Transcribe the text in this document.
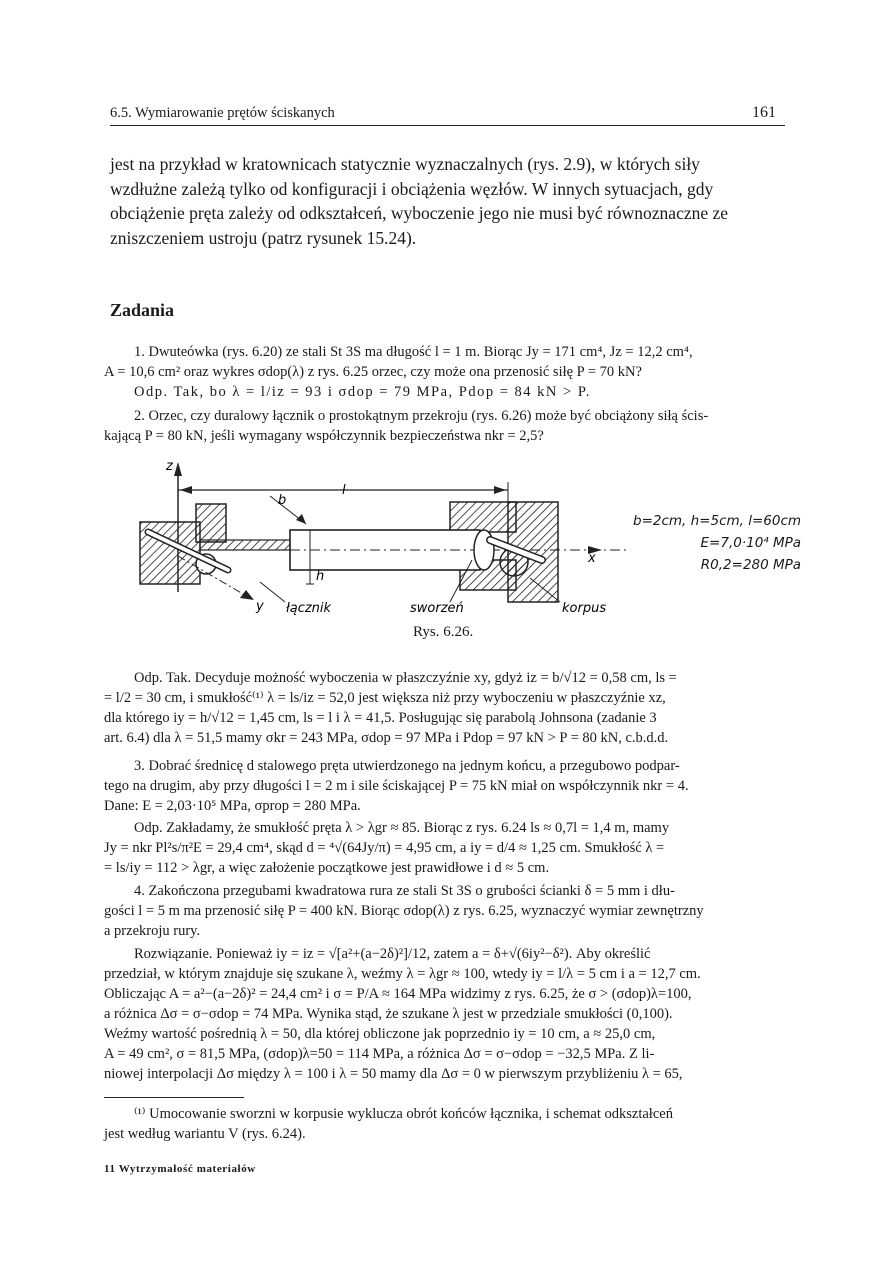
6.5. Wymiarowanie prętów ściskanych	161
jest na przykład w kratownicach statycznie wyznaczalnych (rys. 2.9), w których siły
wzdłużne zależą tylko od konfiguracji i obciążenia węzłów. W innych sytuacjach, gdy
obciążenie pręta zależy od odkształceń, wyboczenie jego nie musi być równoznaczne ze
zniszczeniem ustroju (patrz rysunek 15.24).
Zadania
1. Dwuteówka (rys. 6.20) ze stali St 3S ma długość l = 1 m. Biorąc Jy = 171 cm⁴, Jz = 12,2 cm⁴,
A = 10,6 cm² oraz wykres σdop(λ) z rys. 6.25 orzec, czy może ona przenosić siłę P = 70 kN?
Odp. Tak, bo λ = l/iz = 93 i σdop = 79 MPa, Pdop = 84 kN > P.
2. Orzec, czy duralowy łącznik o prostokątnym przekroju (rys. 6.26) może być obciążony siłą ścis-
kającą P = 80 kN, jeśli wymagany współczynnik bezpieczeństwa nkr = 2,5?
z
l
b
h
y
x
łącznik	sworzeń	korpus
b=2cm, h=5cm, l=60cm
E=7,0·10⁴ MPa
R0,2=280 MPa
Rys. 6.26.
Odp. Tak. Decyduje możność wyboczenia w płaszczyźnie xy, gdyż iz = b/√12 = 0,58 cm, ls =
= l/2 = 30 cm, i smukłość⁽¹⁾ λ = ls/iz = 52,0 jest większa niż przy wyboczeniu w płaszczyźnie xz,
dla którego iy = h/√12 = 1,45 cm, ls = l i λ = 41,5. Posługując się parabolą Johnsona (zadanie 3
art. 6.4) dla λ = 51,5 mamy σkr = 243 MPa, σdop = 97 MPa i Pdop = 97 kN > P = 80 kN, c.b.d.d.
3. Dobrać średnicę d stalowego pręta utwierdzonego na jednym końcu, a przegubowo podpar-
tego na drugim, aby przy długości l = 2 m i sile ściskającej P = 75 kN miał on współczynnik nkr = 4.
Dane: E = 2,03·10⁵ MPa, σprop = 280 MPa.
Odp. Zakładamy, że smukłość pręta λ > λgr ≈ 85. Biorąc z rys. 6.24 ls ≈ 0,7l = 1,4 m, mamy
Jy = nkr Pl²s/π²E = 29,4 cm⁴, skąd d = ⁴√(64Jy/π) = 4,95 cm, a iy = d/4 ≈ 1,25 cm. Smukłość λ =
= ls/iy = 112 > λgr, a więc założenie początkowe jest prawidłowe i d ≈ 5 cm.
4. Zakończona przegubami kwadratowa rura ze stali St 3S o grubości ścianki δ = 5 mm i dłu-
gości l = 5 m ma przenosić siłę P = 400 kN. Biorąc σdop(λ) z rys. 6.25, wyznaczyć wymiar zewnętrzny
a przekroju rury.
Rozwiązanie. Ponieważ iy = iz = √[a²+(a−2δ)²]/12, zatem a = δ+√(6iy²−δ²). Aby określić
przedział, w którym znajduje się szukane λ, weźmy λ = λgr ≈ 100, wtedy iy = l/λ = 5 cm i a = 12,7 cm.
Obliczając A = a²−(a−2δ)² = 24,4 cm² i σ = P/A ≈ 164 MPa widzimy z rys. 6.25, że σ > (σdop)λ=100,
a różnica Δσ = σ−σdop = 74 MPa. Wynika stąd, że szukane λ jest w przedziale smukłości (0,100).
Weźmy wartość pośrednią λ = 50, dla której obliczone jak poprzednio iy = 10 cm, a ≈ 25,0 cm,
A = 49 cm², σ = 81,5 MPa, (σdop)λ=50 = 114 MPa, a różnica Δσ = σ−σdop = −32,5 MPa. Z li-
niowej interpolacji Δσ między λ = 100 i λ = 50 mamy dla Δσ = 0 w pierwszym przybliżeniu λ = 65,
⁽¹⁾ Umocowanie sworzni w korpusie wyklucza obrót końców łącznika, i schemat odkształceń
jest według wariantu V (rys. 6.24).
11 Wytrzymałość materiałów
